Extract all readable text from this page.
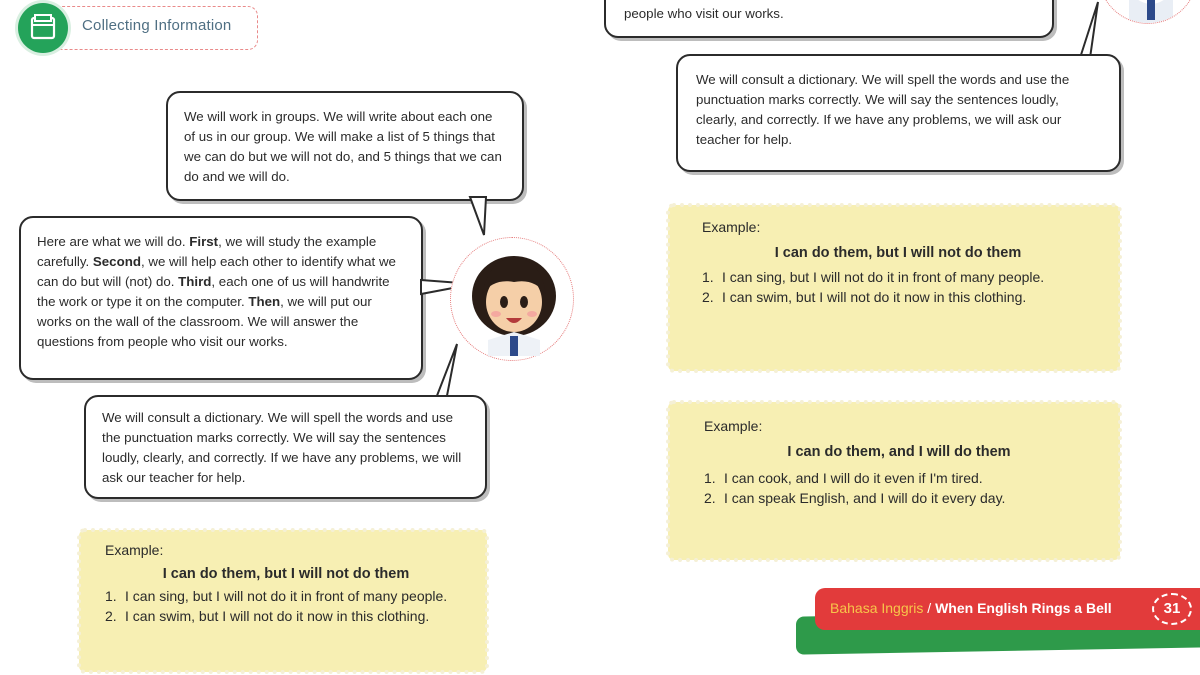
Collecting Information

people who visit our works.

We will consult a dictionary. We will spell the words and use the punctuation marks correctly. We will say the sentences loudly, clearly, and correctly. If we have any problems, we will ask our teacher for help.

We will work in groups. We will write about each one of us in our group. We will make a list of 5 things that we can do but we will not do, and 5 things that we can do and we will do.

Here are what we will do. First, we will study the example carefully. Second, we will help each other to identify what we can do but will (not) do. Third, each one of us will handwrite the work or type it on the computer. Then, we will put our works on the wall of the classroom. We will answer the questions from people who visit our works.

We will consult a dictionary. We will spell the words and use the punctuation marks correctly. We will say the sentences loudly, clearly, and correctly. If we have any problems, we will ask our teacher for help.

Example:
I can do them, but I will not do them
1. I can sing, but I will not do it in front of many people.
2. I can swim, but I will not do it now in this clothing.
Example:
I can do them, but I will not do them
1. I can sing, but I will not do it in front of many people.
2. I can swim, but I will not do it now in this clothing.
Example:
I can do them, and I will do them
1. I can cook, and I will do it even if I'm tired.
2. I can speak English, and I will do it every day.
Bahasa Inggris / When English Rings a Bell	31
